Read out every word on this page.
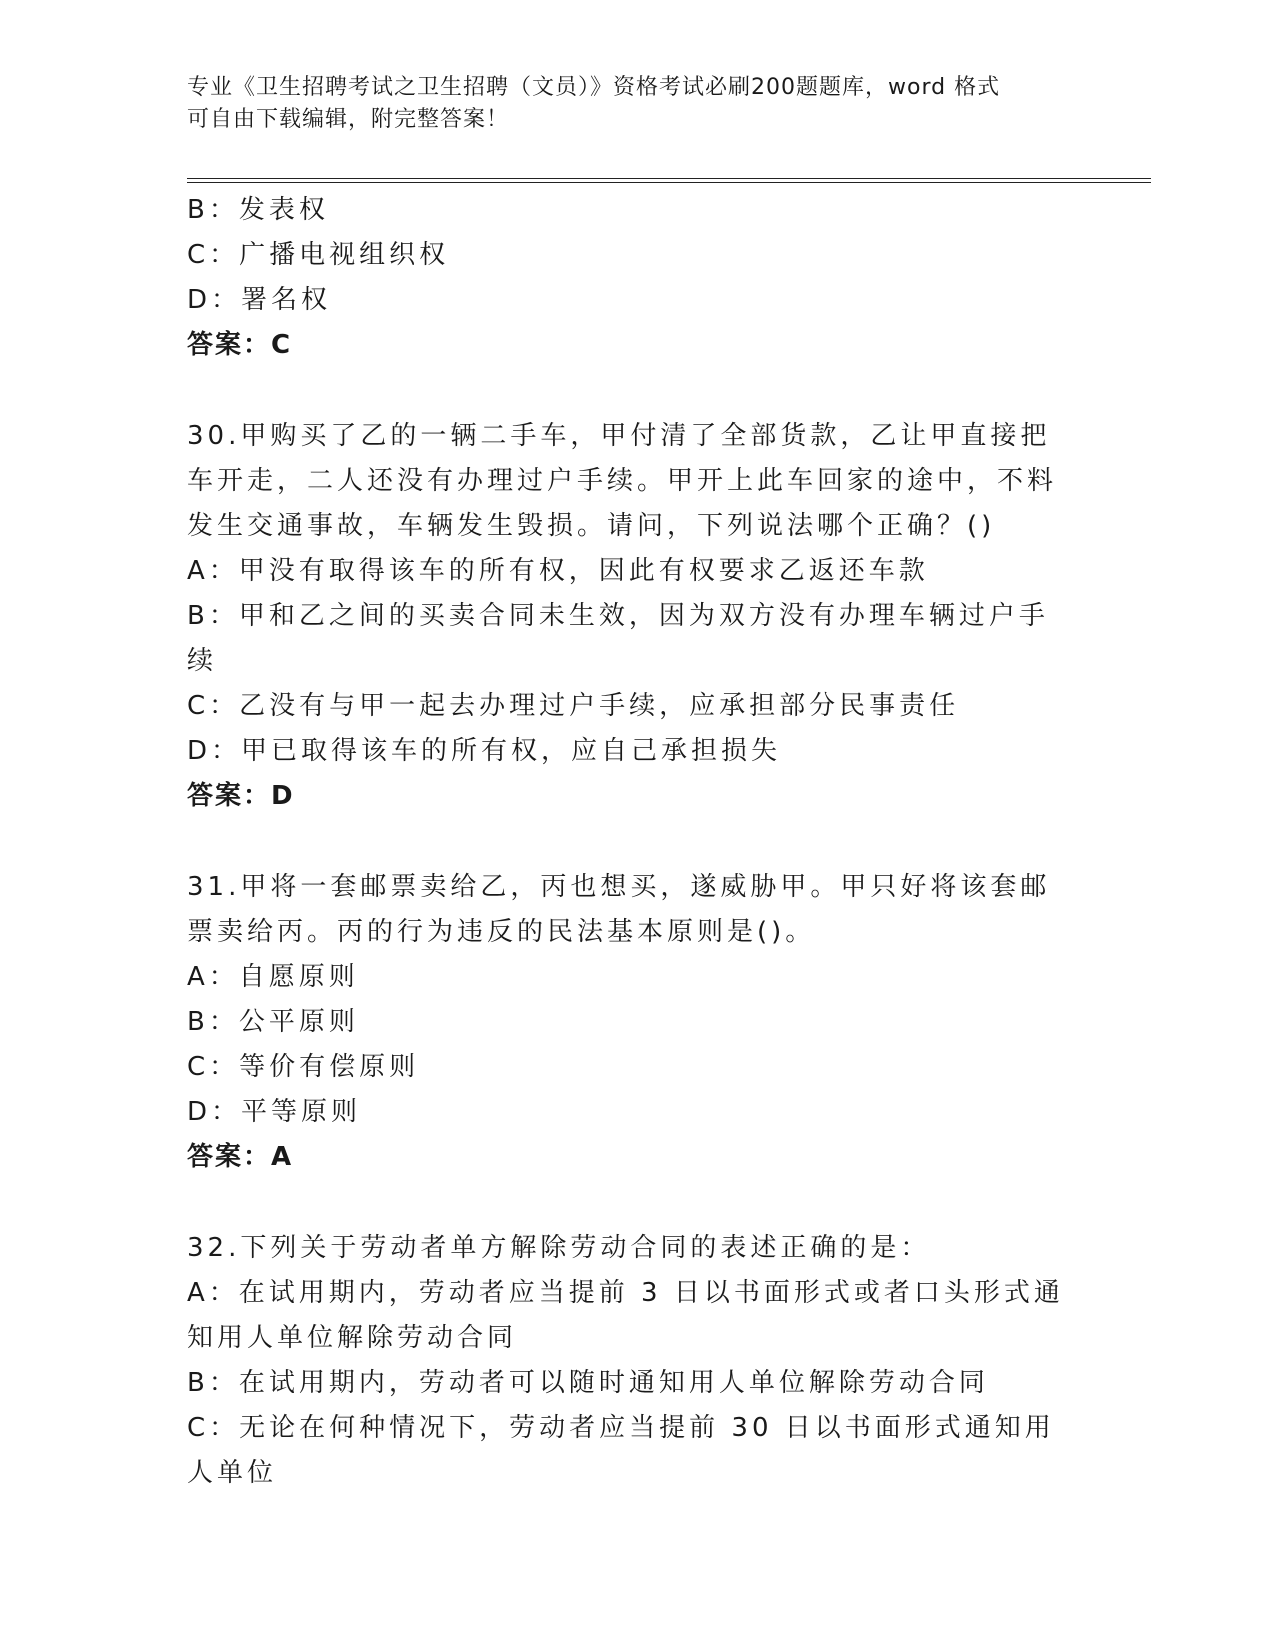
专业《卫生招聘考试之卫生招聘（文员）》资格考试必刷200题题库，word 格式
可自由下载编辑，附完整答案！
B：发表权
C：广播电视组织权
D：署名权
答案：C
30.甲购买了乙的一辆二手车，甲付清了全部货款，乙让甲直接把车开走，二人还没有办理过户手续。甲开上此车回家的途中，不料发生交通事故，车辆发生毁损。请问，下列说法哪个正确？()
A：甲没有取得该车的所有权，因此有权要求乙返还车款
B：甲和乙之间的买卖合同未生效，因为双方没有办理车辆过户手续
C：乙没有与甲一起去办理过户手续，应承担部分民事责任
D：甲已取得该车的所有权，应自己承担损失
答案：D
31.甲将一套邮票卖给乙，丙也想买，遂威胁甲。甲只好将该套邮票卖给丙。丙的行为违反的民法基本原则是()。
A：自愿原则
B：公平原则
C：等价有偿原则
D：平等原则
答案：A
32.下列关于劳动者单方解除劳动合同的表述正确的是：
A：在试用期内，劳动者应当提前 3 日以书面形式或者口头形式通知用人单位解除劳动合同
B：在试用期内，劳动者可以随时通知用人单位解除劳动合同
C：无论在何种情况下，劳动者应当提前 30 日以书面形式通知用人单位
